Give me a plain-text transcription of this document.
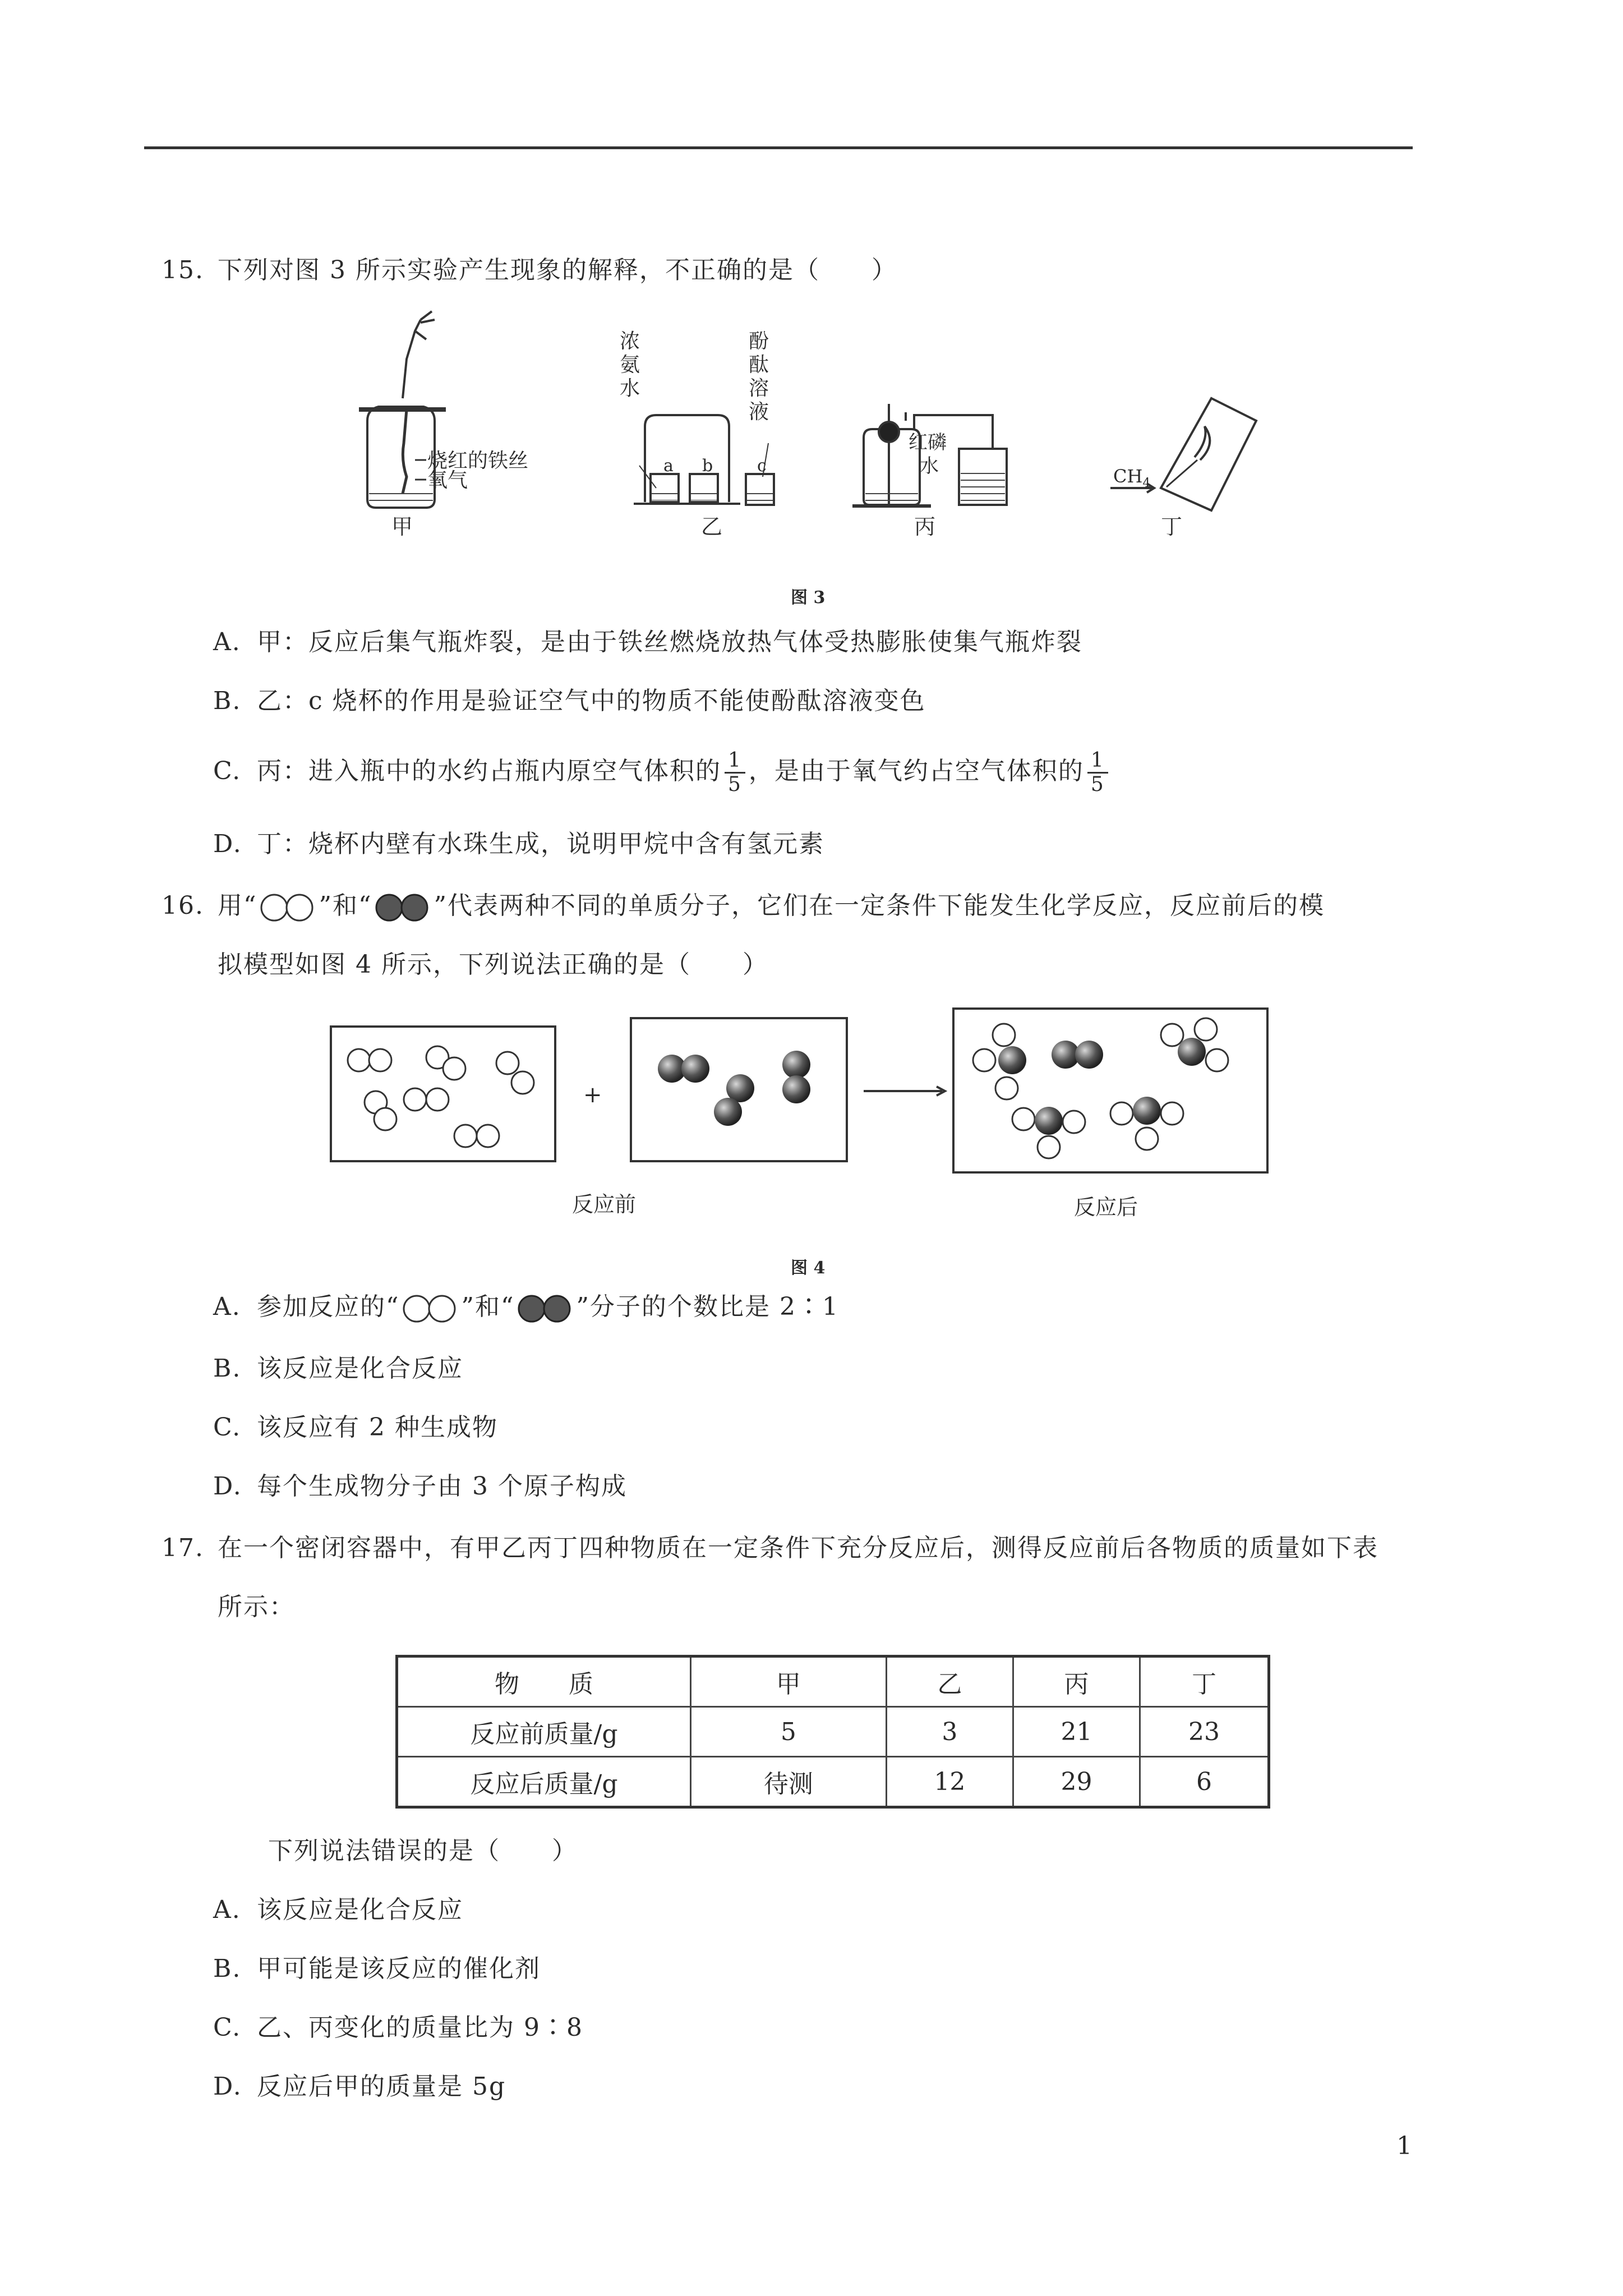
15. 下列对图 3 所示实验产生现象的解释，不正确的是（　　）
烧红的铁丝
氧气
甲
a b	c
乙
红磷
水
丙
$CH_4$
丁
浓氨水
酚酞溶液
图 3
A. 甲：反应后集气瓶炸裂，是由于铁丝燃烧放热气体受热膨胀使集气瓶炸裂
B. 乙：c 烧杯的作用是验证空气中的物质不能使酚酞溶液变色
C. 丙：进入瓶中的水约占瓶内原空气体积的 $\frac{1}{5}$ ，是由于氧气约占空气体积的 $\frac{1}{5}$
D. 丁：烧杯内壁有水珠生成，说明甲烷中含有氢元素
16. 用“	”和“	”代表两种不同的单质分子，它们在一定条件下能发生化学反应，反应前后的模
拟模型如图 4 所示，下列说法正确的是（　　）
+
反应前	反应后
图 4
A. 参加反应的“	”和“	”分子的个数比是 2∶1
B. 该反应是化合反应
C. 该反应有 2 种生成物
D. 每个生成物分子由 3 个原子构成
17. 在一个密闭容器中，有甲乙丙丁四种物质在一定条件下充分反应后，测得反应前后各物质的质量如下表
所示：
物　　质	甲	乙	丙	丁
反应前质量/g	5	3	21	23
反应后质量/g	待测	12	29	6
下列说法错误的是（　　）
A. 该反应是化合反应
B. 甲可能是该反应的催化剂
C. 乙、丙变化的质量比为 9∶8
D. 反应后甲的质量是 5g
1
